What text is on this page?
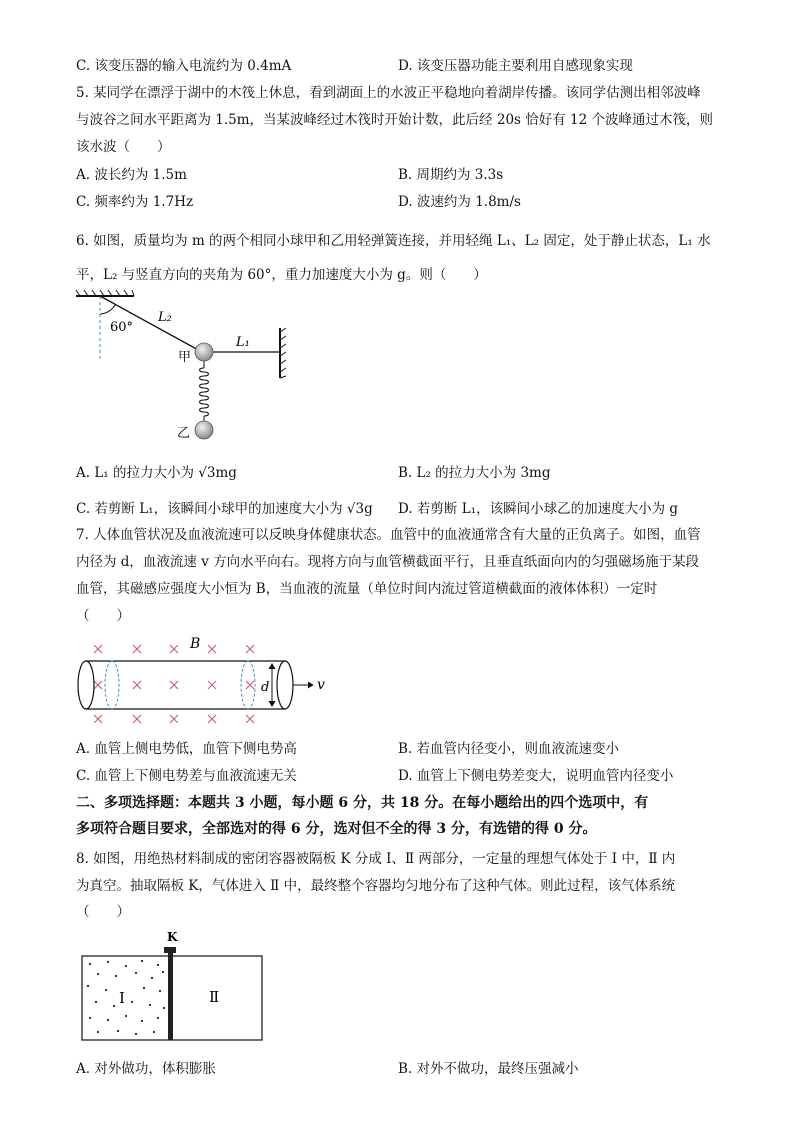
C. 该变压器的输入电流约为 0.4mA	D. 该变压器功能主要利用自感现象实现
5. 某同学在漂浮于湖中的木筏上休息，看到湖面上的水波正平稳地向着湖岸传播。该同学估测出相邻波峰
与波谷之间水平距离为 1.5m，当某波峰经过木筏时开始计数，此后经 20s 恰好有 12 个波峰通过木筏，则
该水波（　　）
A. 波长约为 1.5m	B. 周期约为 3.3s
C. 频率约为 1.7Hz	D. 波速约为 1.8m/s
6. 如图，质量均为 m 的两个相同小球甲和乙用轻弹簧连接，并用轻绳 L₁、L₂ 固定，处于静止状态，L₁ 水
平，L₂ 与竖直方向的夹角为 60°，重力加速度大小为 g。则（　　）
60°
L₂
L₁
甲
乙
A. L₁ 的拉力大小为 √3mg	B. L₂ 的拉力大小为 3mg
C. 若剪断 L₁，该瞬间小球甲的加速度大小为 √3g D. 若剪断 L₁，该瞬间小球乙的加速度大小为 g
7. 人体血管状况及血液流速可以反映身体健康状态。血管中的血液通常含有大量的正负离子。如图，血管
内径为 d，血液流速 v 方向水平向右。现将方向与血管横截面平行，且垂直纸面向内的匀强磁场施于某段
血管，其磁感应强度大小恒为 B，当血液的流量（单位时间内流过管道横截面的液体体积）一定时
（　　）
B
d	v
A. 血管上侧电势低，血管下侧电势高	B. 若血管内径变小，则血液流速变小
C. 血管上下侧电势差与血液流速无关	D. 血管上下侧电势差变大，说明血管内径变小
二、多项选择题：本题共 3 小题，每小题 6 分，共 18 分。在每小题给出的四个选项中，有
多项符合题目要求，全部选对的得 6 分，选对但不全的得 3 分，有选错的得 0 分。
8. 如图，用绝热材料制成的密闭容器被隔板 K 分成 Ⅰ、Ⅱ 两部分，一定量的理想气体处于 Ⅰ 中，Ⅱ 内
为真空。抽取隔板 K，气体进入 Ⅱ 中，最终整个容器均匀地分布了这种气体。则此过程，该气体系统
（　　）
K
Ⅰ	Ⅱ
A. 对外做功，体积膨胀	B. 对外不做功，最终压强减小
